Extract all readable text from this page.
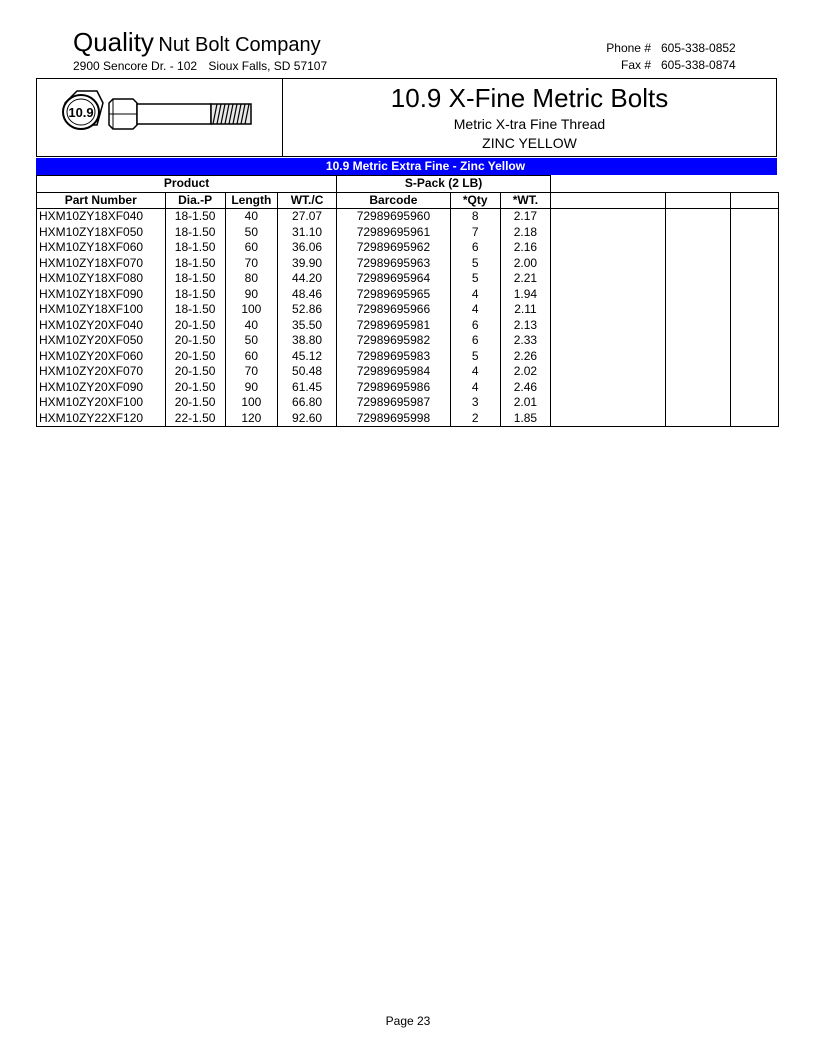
Quality Nut Bolt Company
2900 Sencore Dr. - 102 Sioux Falls, SD 57107
Phone # 605-338-0852
Fax # 605-338-0874
10.9	10.9 X-Fine Metric Bolts
Metric X-tra Fine Thread
ZINC YELLOW
10.9 Metric Extra Fine - Zinc Yellow
Product				S-Pack (2 LB)					
Part Number	Dia.-P	Length	WT./C	Barcode	*Qty	*WT.			
HXM10ZY18XF040	18-1.50	40	27.07	72989695960	8	2.17			
HXM10ZY18XF050	18-1.50	50	31.10	72989695961	7	2.18			
HXM10ZY18XF060	18-1.50	60	36.06	72989695962	6	2.16			
HXM10ZY18XF070	18-1.50	70	39.90	72989695963	5	2.00			
HXM10ZY18XF080	18-1.50	80	44.20	72989695964	5	2.21			
HXM10ZY18XF090	18-1.50	90	48.46	72989695965	4	1.94			
HXM10ZY18XF100	18-1.50	100	52.86	72989695966	4	2.11			
HXM10ZY20XF040	20-1.50	40	35.50	72989695981	6	2.13			
HXM10ZY20XF050	20-1.50	50	38.80	72989695982	6	2.33			
HXM10ZY20XF060	20-1.50	60	45.12	72989695983	5	2.26			
HXM10ZY20XF070	20-1.50	70	50.48	72989695984	4	2.02			
HXM10ZY20XF090	20-1.50	90	61.45	72989695986	4	2.46			
HXM10ZY20XF100	20-1.50	100	66.80	72989695987	3	2.01			
HXM10ZY22XF120	22-1.50	120	92.60	72989695998	2	1.85			
Page 23
